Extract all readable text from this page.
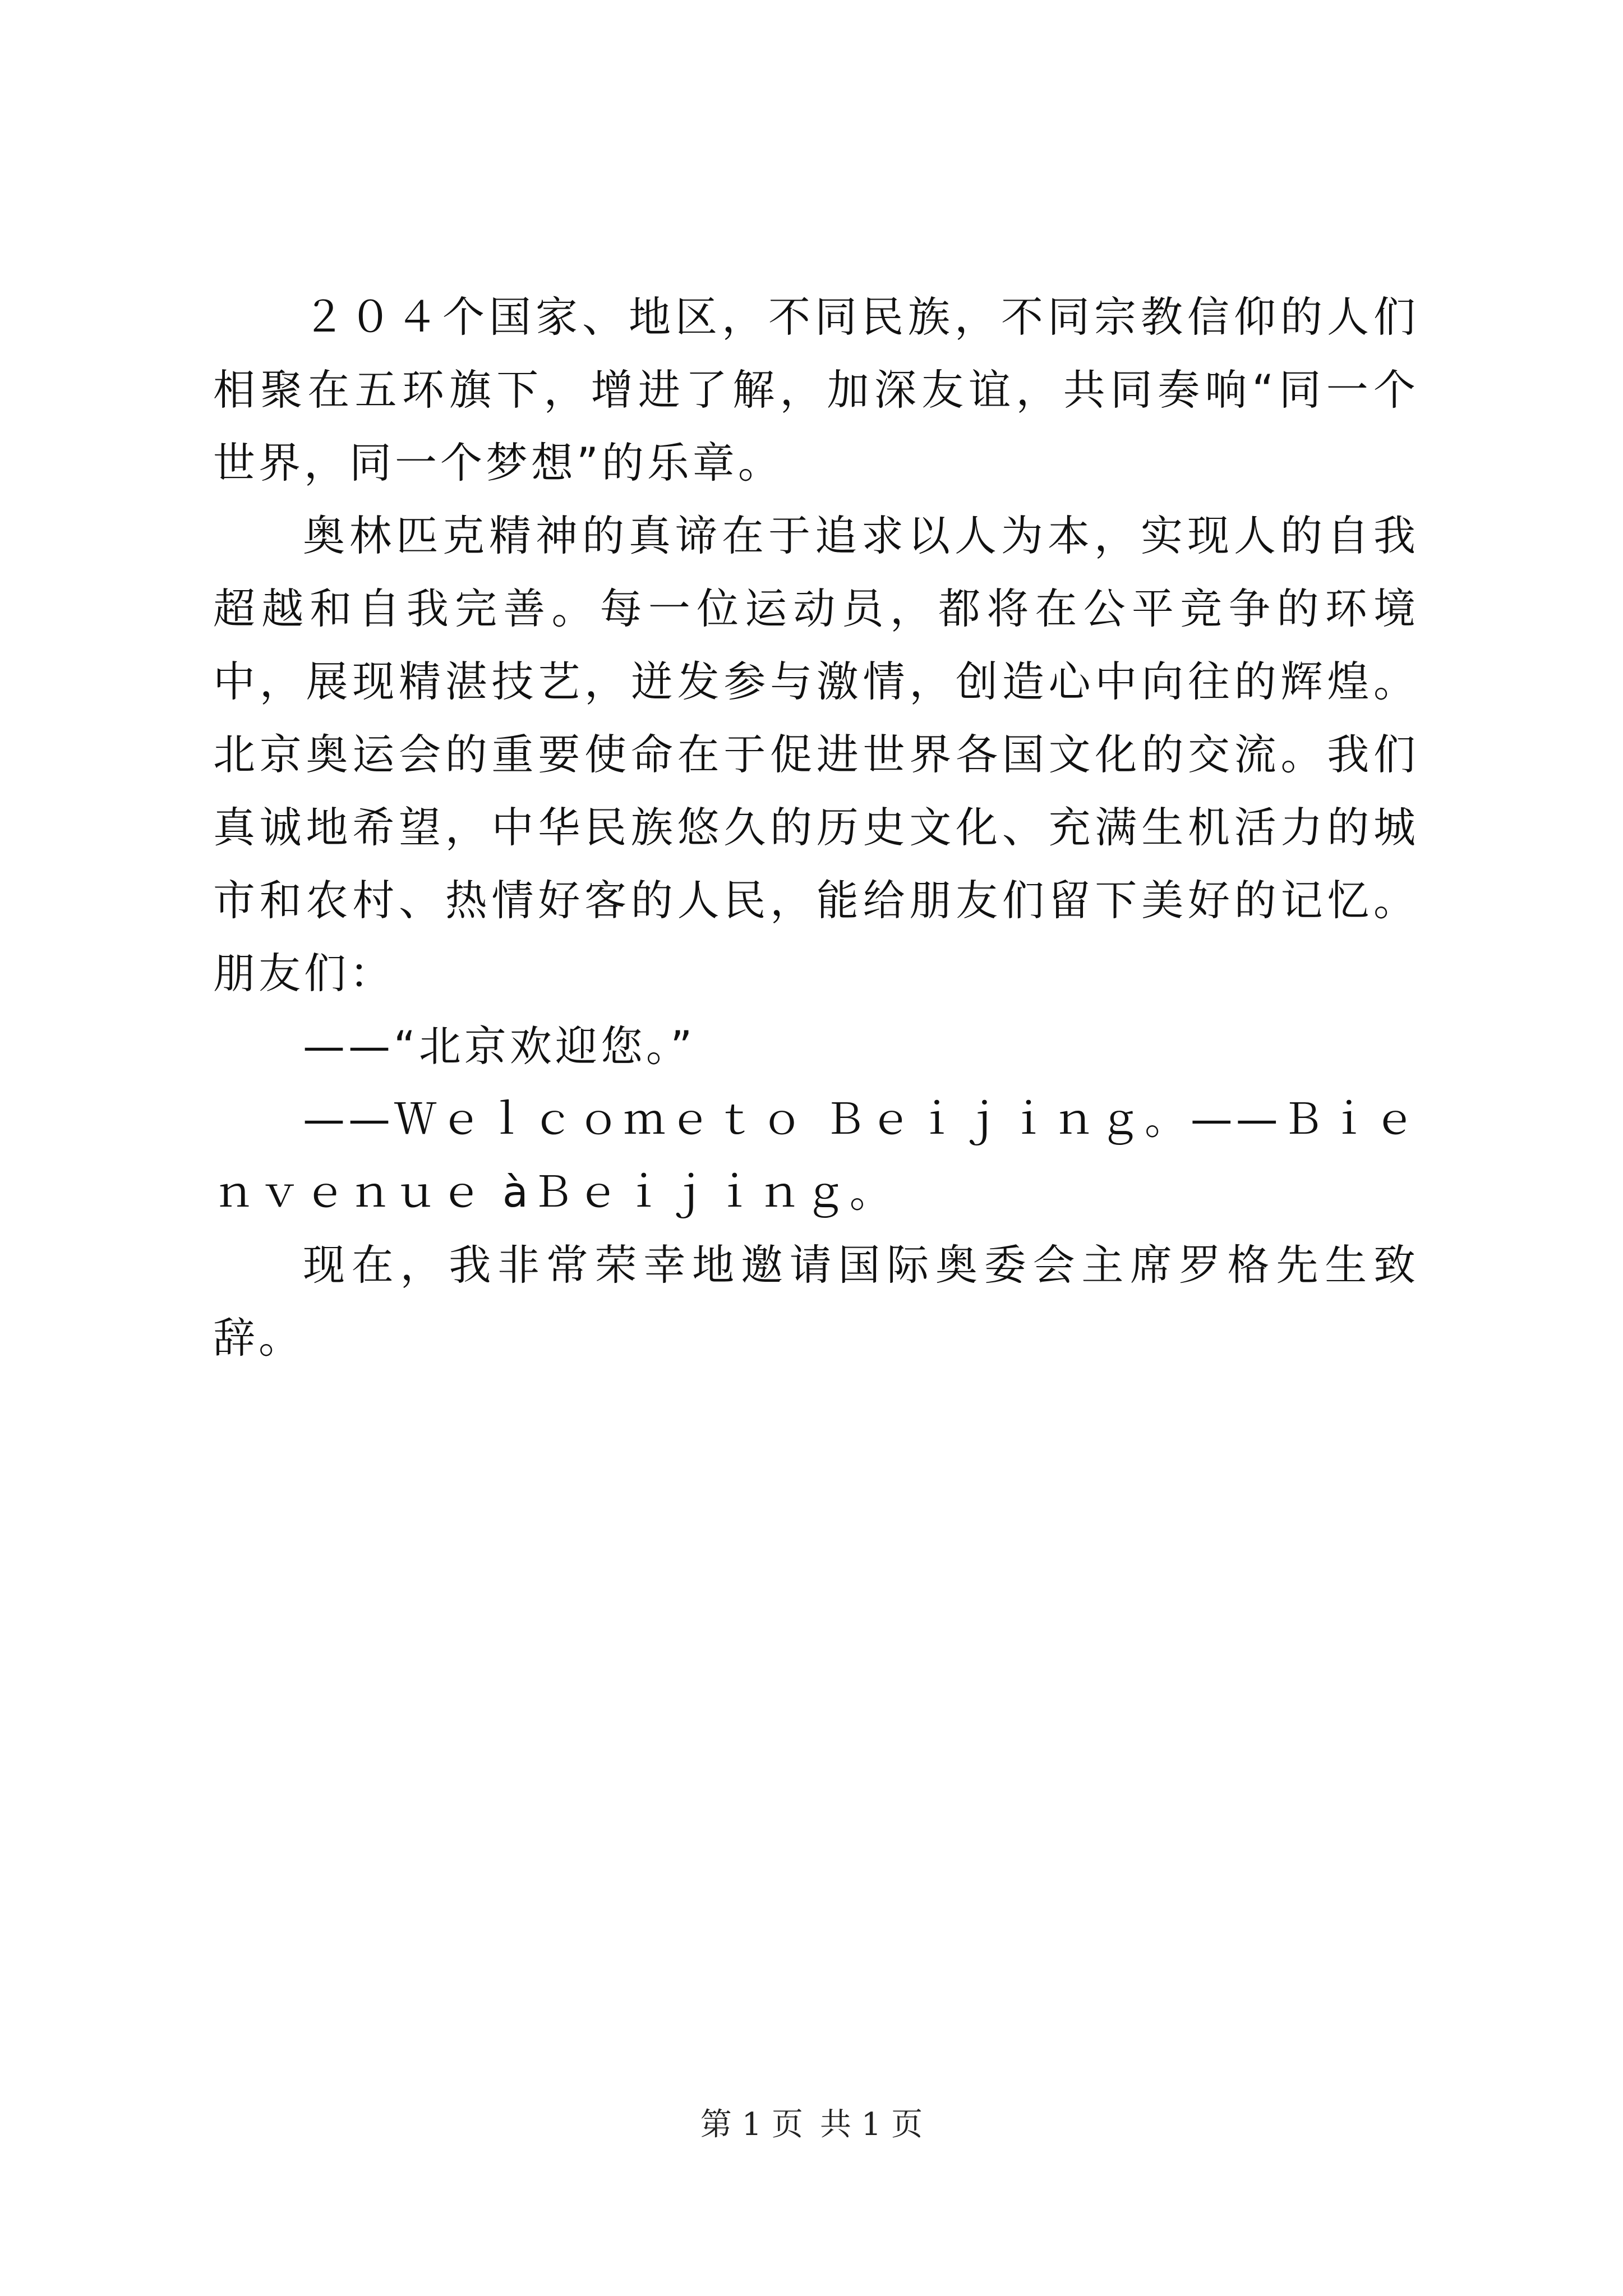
２０４个国家、地区，不同民族，不同宗教信仰的人们相聚在五环旗下，增进了解，加深友谊，共同奏响“同一个世界，同一个梦想”的乐章。

奥林匹克精神的真谛在于追求以人为本，实现人的自我超越和自我完善。每一位运动员，都将在公平竞争的环境中，展现精湛技艺，迸发参与激情，创造心中向往的辉煌。北京奥运会的重要使命在于促进世界各国文化的交流。我们真诚地希望，中华民族悠久的历史文化、充满生机活力的城市和农村、热情好客的人民，能给朋友们留下美好的记忆。朋友们：

——“北京欢迎您。”

——Ｗｅｌｃｏｍｅｔｏ Ｂｅｉｊｉｎｇ。——Ｂｉｅｎｖｅｎｕｅ àＢｅｉｊｉｎｇ。

现在，我非常荣幸地邀请国际奥委会主席罗格先生致辞。

第 1 页 共 1 页
